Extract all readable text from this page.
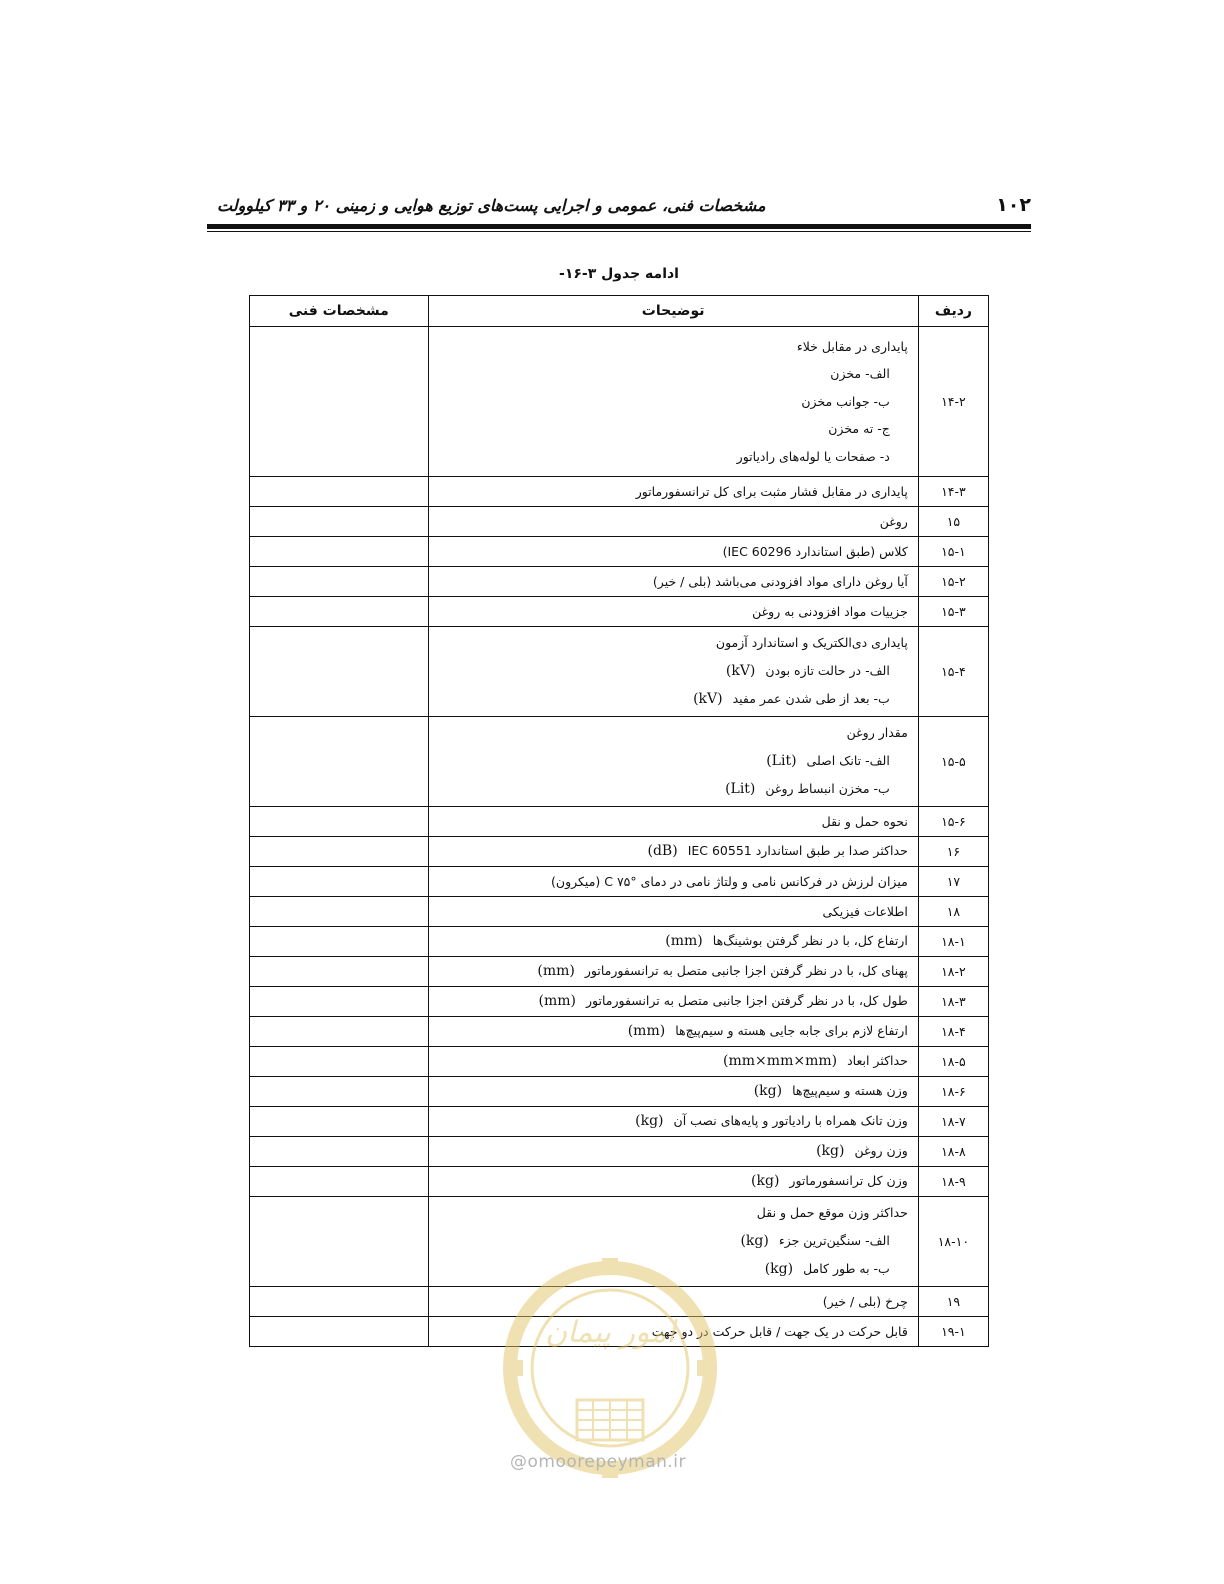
۱۰۲
مشخصات فنی، عمومی و اجرایی پست‌های توزیع هوایی و زمینی ۲۰ و ۳۳ کیلوولت
ادامه جدول ۳-۱۶-
ردیف	توضیحات	مشخصات فنی
۱۴-۲	پایداری در مقابل خلاء
الف- مخزن
ب- جوانب مخزن
ج- ته مخزن
د- صفحات یا لوله‌های رادیاتور	

۱۴-۳	پایداری در مقابل فشار مثبت برای کل ترانسفورماتور	

۱۵	روغن	

۱۵-۱	کلاس (طبق استاندارد IEC 60296)	

۱۵-۲	آیا روغن دارای مواد افزودنی می‌باشد (بلی / خیر)	

۱۵-۳	جزییات مواد افزودنی به روغن	

۱۵-۴	پایداری دی‌الکتریک و استاندارد آزمون
الف- در حالت تازه بودن(kV)
ب- بعد از طی شدن عمر مفید(kV)	

۱۵-۵	مقدار روغن
الف- تانک اصلی(Lit)
ب- مخزن انبساط روغن(Lit)	

۱۵-۶	نحوه حمل و نقل	

۱۶	حداکثر صدا بر طبق استاندارد IEC 60551(dB)	

۱۷	میزان لرزش در فرکانس نامی و ولتاژ نامی در دمای °C ۷۵ (میکرون)	

۱۸	اطلاعات فیزیکی	

۱۸-۱	ارتفاع کل، با در نظر گرفتن بوشینگ‌ها(mm)	

۱۸-۲	پهنای کل، با در نظر گرفتن اجزا جانبی متصل به ترانسفورماتور(mm)	

۱۸-۳	طول کل، با در نظر گرفتن اجزا جانبی متصل به ترانسفورماتور(mm)	

۱۸-۴	ارتفاع لازم برای جابه جایی هسته و سیم‌پیچ‌ها(mm)	

۱۸-۵	حداکثر ابعاد(mm×mm×mm)	

۱۸-۶	وزن هسته و سیم‌پیچ‌ها(kg)	

۱۸-۷	وزن تانک همراه با رادیاتور و پایه‌های نصب آن(kg)	

۱۸-۸	وزن روغن(kg)	

۱۸-۹	وزن کل ترانسفورماتور(kg)	

۱۸-۱۰	حداکثر وزن موقع حمل و نقل
الف- سنگین‌ترین جزء(kg)
ب- به طور کامل(kg)	

۱۹	چرخ (بلی / خیر)	

۱۹-۱	قابل حرکت در یک جهت / قابل حرکت در دو جهت	

امور پیمان
@omoorepeyman.ir
